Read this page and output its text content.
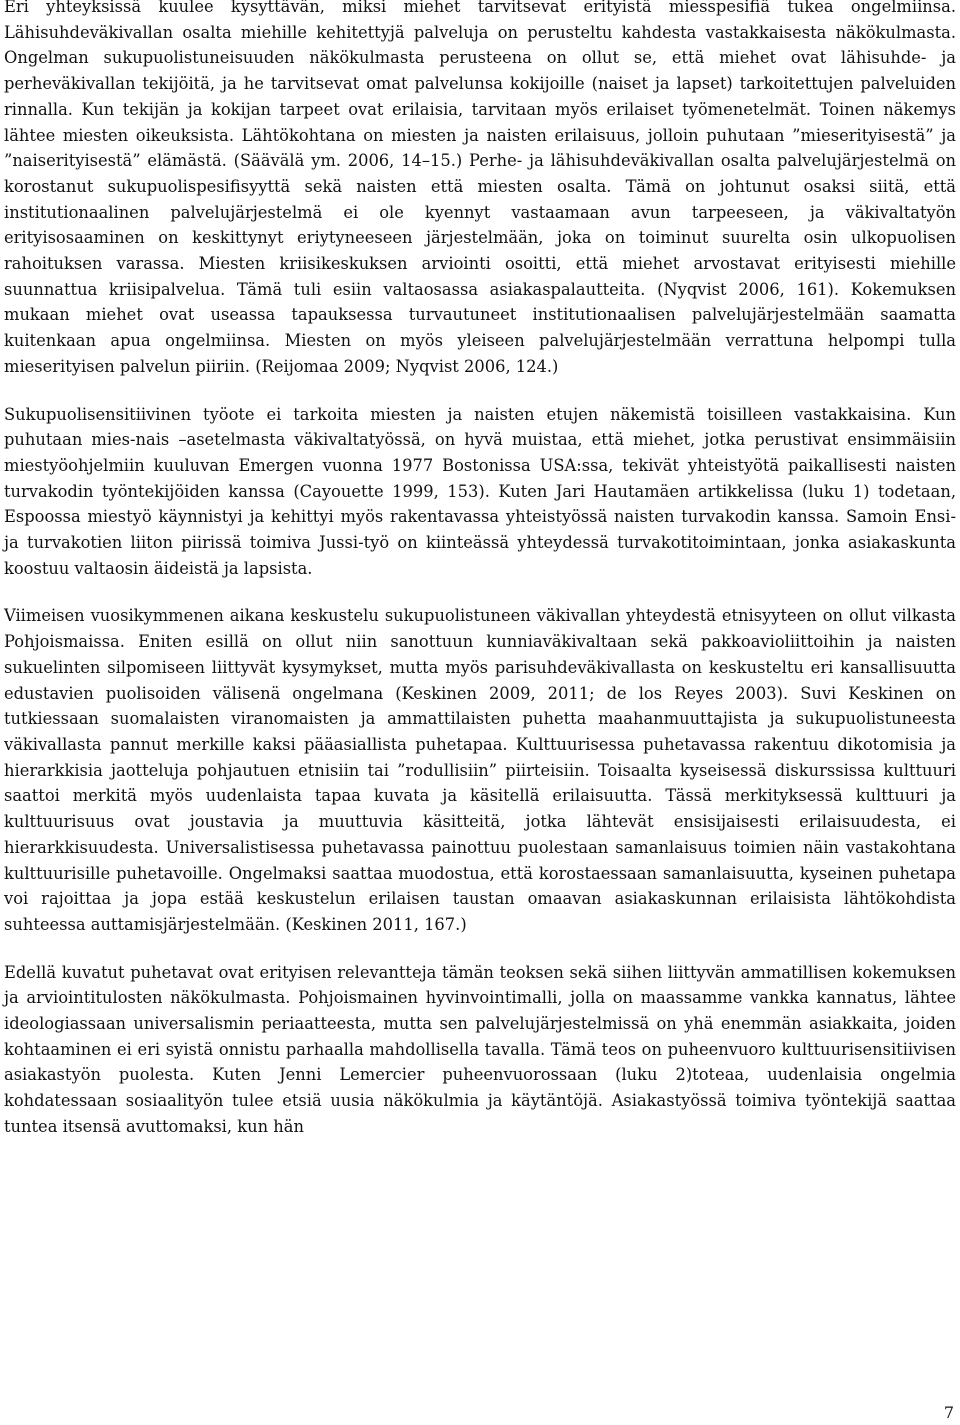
Eri yhteyksissä kuulee kysyttävän, miksi miehet tarvitsevat erityistä miesspesifiä tukea ongelmiinsa. Lähisuhdeväkivallan osalta miehille kehitettyjä palveluja on perusteltu kahdesta vastakkaisesta näkökulmasta. Ongelman sukupuolistuneisuuden näkökulmasta perusteena on ollut se, että miehet ovat lähisuhde- ja perheväkivallan tekijöitä, ja he tarvitsevat omat palvelunsa kokijoille (naiset ja lapset) tarkoitettujen palveluiden rinnalla. Kun tekijän ja kokijan tarpeet ovat erilaisia, tarvitaan myös erilaiset työmenetelmät. Toinen näkemys lähtee miesten oikeuksista. Lähtökohtana on miesten ja naisten erilaisuus, jolloin puhutaan ”mieserityisestä” ja ”naiserityisestä” elämästä. (Säävälä ym. 2006, 14–15.) Perhe- ja lähisuhdeväkivallan osalta palvelujärjestelmä on korostanut sukupuolispesifisyyttä sekä naisten että miesten osalta. Tämä on johtunut osaksi siitä, että institutionaalinen palvelujärjestelmä ei ole kyennyt vastaamaan avun tarpeeseen, ja väkivaltatyön erityisosaaminen on keskittynyt eriytyneeseen järjestelmään, joka on toiminut suurelta osin ulkopuolisen rahoituksen varassa. Miesten kriisikeskuksen arviointi osoitti, että miehet arvostavat erityisesti miehille suunnattua kriisipalvelua. Tämä tuli esiin valtaosassa asiakaspalautteita. (Nyqvist 2006, 161). Kokemuksen mukaan miehet ovat useassa tapauksessa turvautuneet institutionaalisen palvelujärjestelmään saamatta kuitenkaan apua ongelmiinsa. Miesten on myös yleiseen palvelujärjestelmään verrattuna helpompi tulla mieserityisen palvelun piiriin. (Reijomaa 2009; Nyqvist 2006, 124.)

Sukupuolisensitiivinen työote ei tarkoita miesten ja naisten etujen näkemistä toisilleen vastakkaisina. Kun puhutaan mies-nais –asetelmasta väkivaltatyössä, on hyvä muistaa, että miehet, jotka perustivat ensimmäisiin miestyöohjelmiin kuuluvan Emergen vuonna 1977 Bostonissa USA:ssa, tekivät yhteistyötä paikallisesti naisten turvakodin työntekijöiden kanssa (Cayouette 1999, 153). Kuten Jari Hautamäen artikkelissa (luku 1) todetaan, Espoossa miestyö käynnistyi ja kehittyi myös rakentavassa yhteistyössä naisten turvakodin kanssa. Samoin Ensi- ja turvakotien liiton piirissä toimiva Jussi-työ on kiinteässä yhteydessä turvakotitoimintaan, jonka asiakaskunta koostuu valtaosin äideistä ja lapsista.

Viimeisen vuosikymmenen aikana keskustelu sukupuolistuneen väkivallan yhteydestä etnisyyteen on ollut vilkasta Pohjoismaissa. Eniten esillä on ollut niin sanottuun kunniaväkivaltaan sekä pakkoavioliittoihin ja naisten sukuelinten silpomiseen liittyvät kysymykset, mutta myös parisuhdeväkivallasta on keskusteltu eri kansallisuutta edustavien puolisoiden välisenä ongelmana (Keskinen 2009, 2011; de los Reyes 2003). Suvi Keskinen on tutkiessaan suomalaisten viranomaisten ja ammattilaisten puhetta maahanmuuttajista ja sukupuolistuneesta väkivallasta pannut merkille kaksi pääasiallista puhetapaa. Kulttuurisessa puhetavassa rakentuu dikotomisia ja hierarkkisia jaotteluja pohjautuen etnisiin tai ”rodullisiin” piirteisiin. Toisaalta kyseisessä diskurssissa kulttuuri saattoi merkitä myös uudenlaista tapaa kuvata ja käsitellä erilaisuutta. Tässä merkityksessä kulttuuri ja kulttuurisuus ovat joustavia ja muuttuvia käsitteitä, jotka lähtevät ensisijaisesti erilaisuudesta, ei hierarkkisuudesta. Universalistisessa puhetavassa painottuu puolestaan samanlaisuus toimien näin vastakohtana kulttuurisille puhetavoille. Ongelmaksi saattaa muodostua, että korostaessaan samanlaisuutta, kyseinen puhetapa voi rajoittaa ja jopa estää keskustelun erilaisen taustan omaavan asiakaskunnan erilaisista lähtökohdista suhteessa auttamisjärjestelmään. (Keskinen 2011, 167.)

Edellä kuvatut puhetavat ovat erityisen relevantteja tämän teoksen sekä siihen liittyvän ammatillisen kokemuksen ja arviointitulosten näkökulmasta. Pohjoismainen hyvinvointimalli, jolla on maassamme vankka kannatus, lähtee ideologiassaan universalismin periaatteesta, mutta sen palvelujärjestelmissä on yhä enemmän asiakkaita, joiden kohtaaminen ei eri syistä onnistu parhaalla mahdollisella tavalla. Tämä teos on puheenvuoro kulttuurisensitiivisen asiakastyön puolesta. Kuten Jenni Lemercier puheenvuorossaan (luku 2)toteaa, uudenlaisia ongelmia kohdatessaan sosiaalityön tulee etsiä uusia näkökulmia ja käytäntöjä. Asiakastyössä toimiva työntekijä saattaa tuntea itsensä avuttomaksi, kun hän

7
